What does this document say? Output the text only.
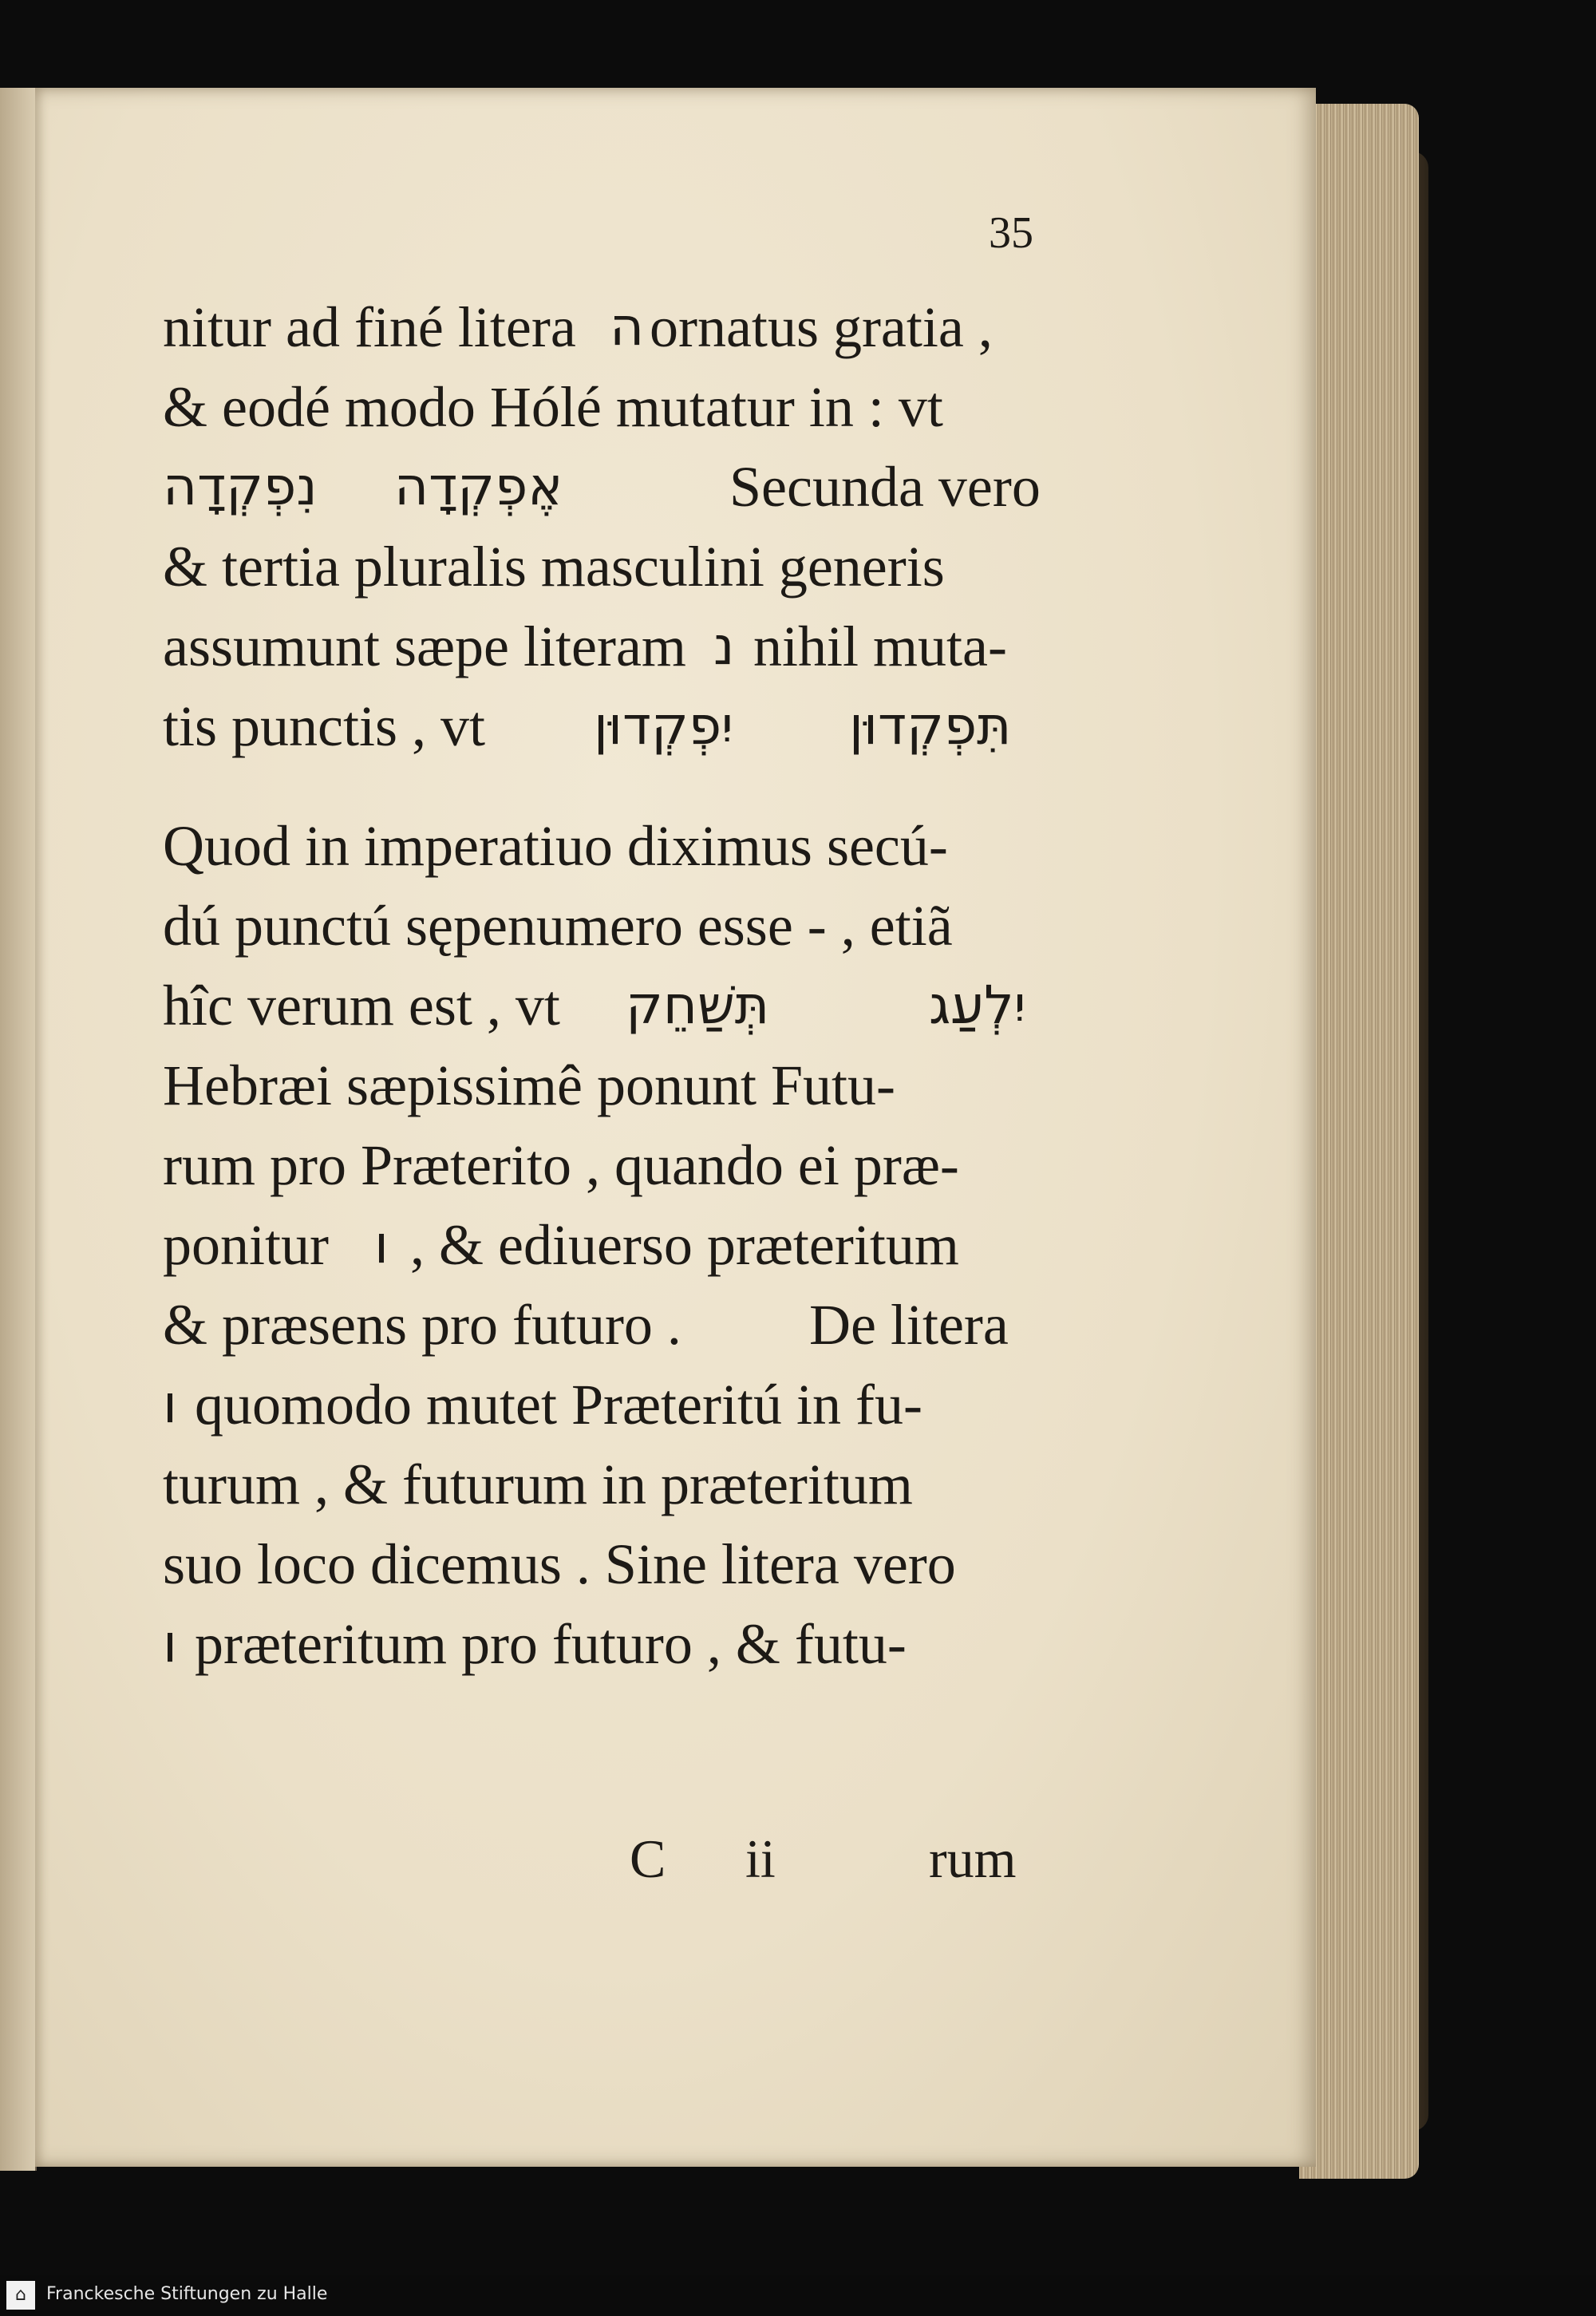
35
nitur ad finé litera ה ornatus gratia ,
& eodé modo Hólé mutatur in : vt
נִפְקְדָה אֶפְקְדָה	Secunda vero
& tertia pluralis masculini generis
assumunt sæpe literam נ nihil muta-
tis punctis , vt יִפְקְדוּן תִּפְקְדוּן
Quod in imperatiuo diximus secú-
dú punctú sępenumero esse - , etiã
hîc verum est , vt תְּשַׁחֵק	יִלְעַג
Hebræi sæpissimê ponunt Futu-
rum pro Præterito , quando ei præ-
ponitur ו , & ediuerso præteritum
& præsens pro futuro . De litera
ו quomodo mutet Præteritú in fu-
turum , & futurum in præteritum
suo loco dicemus . Sine litera vero
ו præteritum pro futuro , & futu-
C ii	rum
⌂	Franckesche Stiftungen zu Halle
